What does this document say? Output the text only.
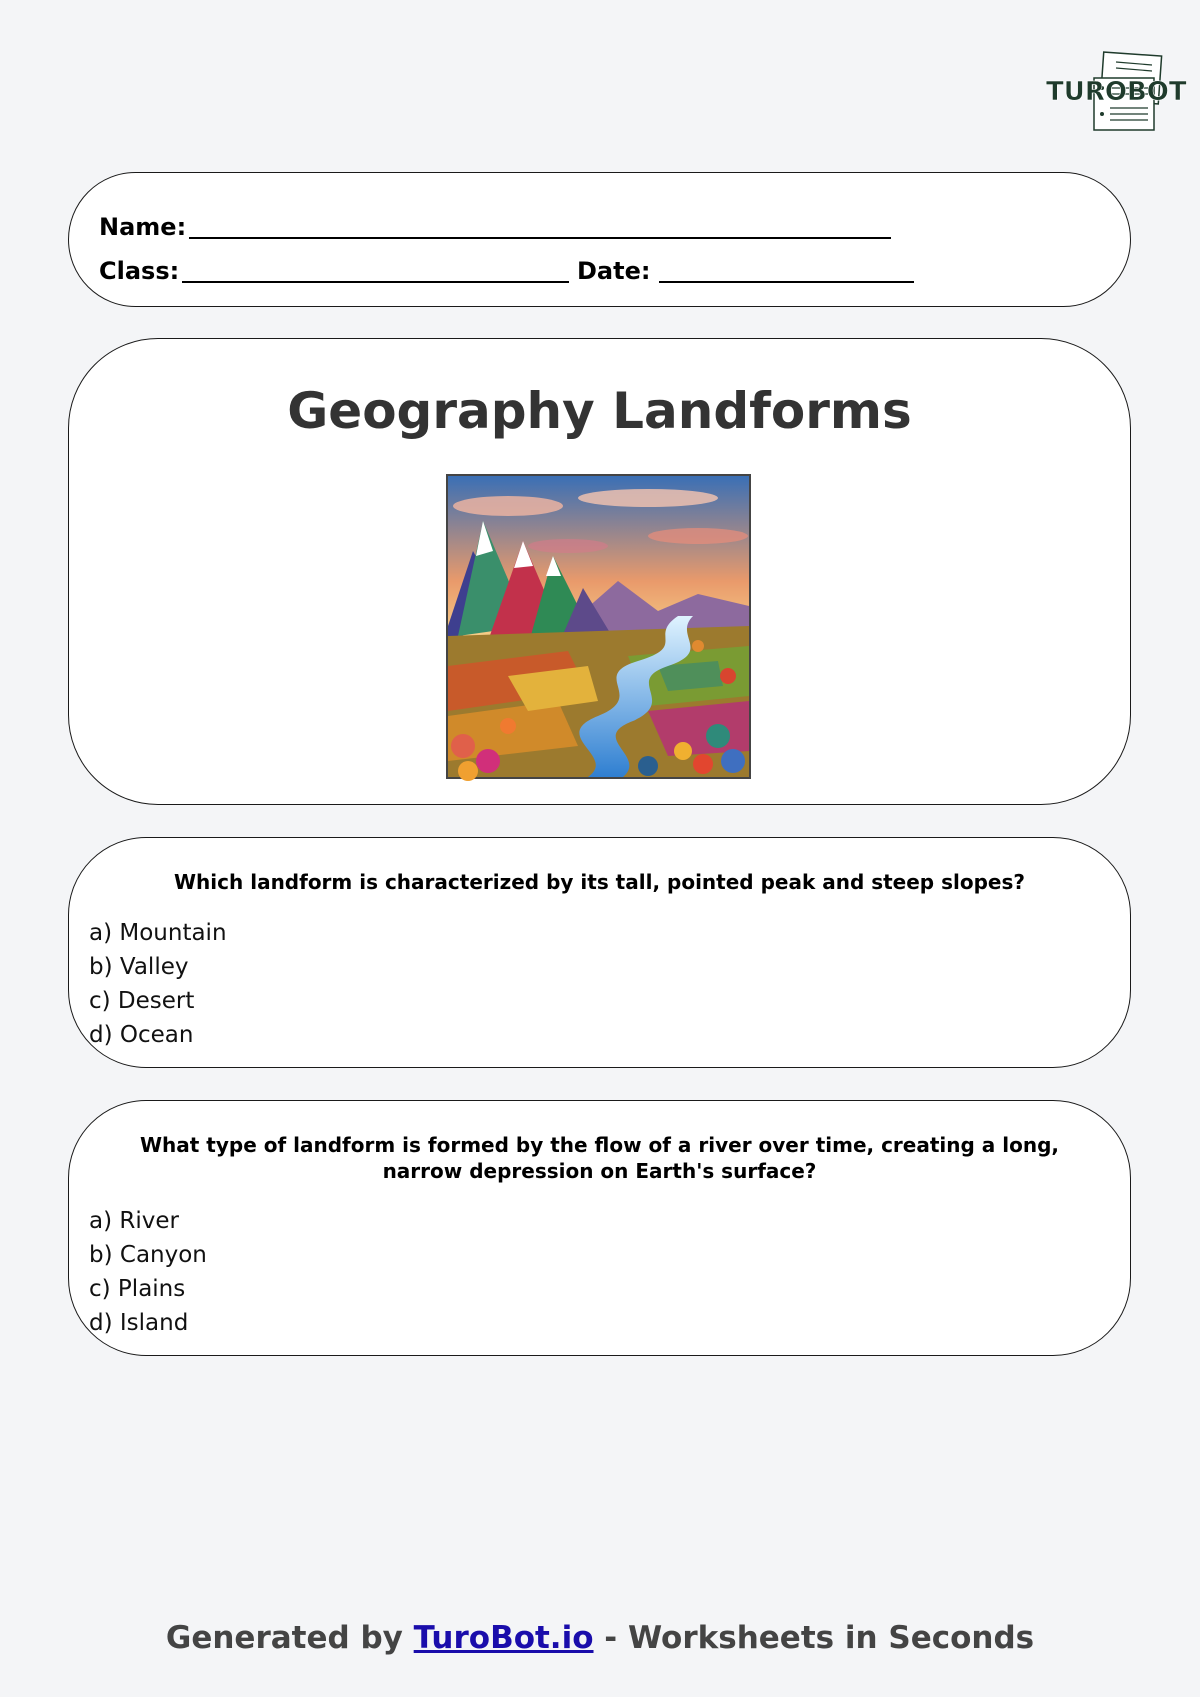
TUROBOT
Name:
Class:	Date:
Geography Landforms
Which landform is characterized by its tall, pointed peak and steep slopes?
a) Mountain
b) Valley
c) Desert
d) Ocean
What type of landform is formed by the flow of a river over time, creating a long, narrow depression on Earth's surface?
a) River
b) Canyon
c) Plains
d) Island
Generated by TuroBot.io - Worksheets in Seconds
